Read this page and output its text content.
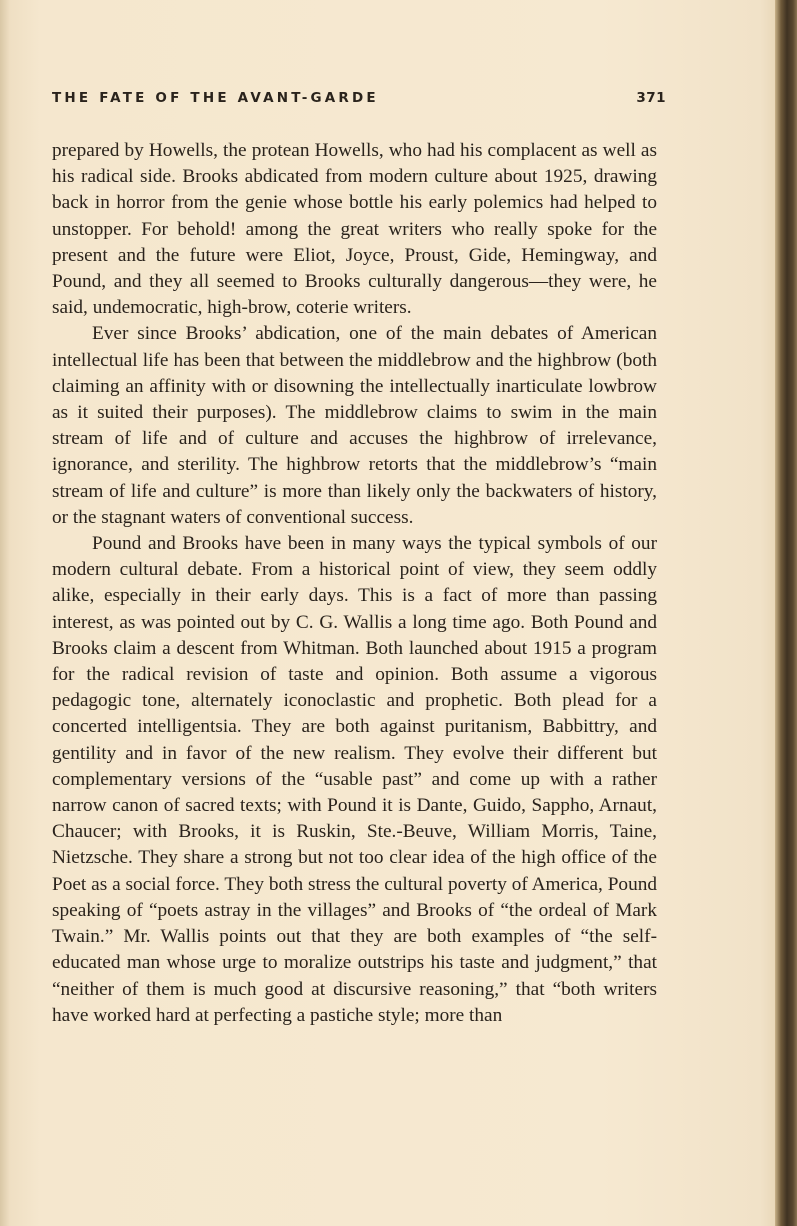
THE FATE OF THE AVANT-GARDE	371

prepared by Howells, the protean Howells, who had his complacent as well as his radical side. Brooks abdicated from modern culture about 1925, drawing back in horror from the genie whose bottle his early polemics had helped to unstopper. For behold! among the great writers who really spoke for the present and the future were Eliot, Joyce, Proust, Gide, Hemingway, and Pound, and they all seemed to Brooks culturally dangerous—they were, he said, undemocratic, high-brow, coterie writers.

Ever since Brooks’ abdication, one of the main debates of American intellectual life has been that between the middlebrow and the highbrow (both claiming an affinity with or disowning the intellectually inarticulate lowbrow as it suited their purposes). The middlebrow claims to swim in the main stream of life and of culture and accuses the highbrow of irrelevance, ignorance, and sterility. The highbrow retorts that the middlebrow’s “main stream of life and culture” is more than likely only the backwaters of history, or the stagnant waters of conventional success.

Pound and Brooks have been in many ways the typical symbols of our modern cultural debate. From a historical point of view, they seem oddly alike, especially in their early days. This is a fact of more than passing interest, as was pointed out by C. G. Wallis a long time ago. Both Pound and Brooks claim a descent from Whitman. Both launched about 1915 a program for the radical revision of taste and opinion. Both assume a vigorous pedagogic tone, alternately iconoclastic and prophetic. Both plead for a concerted intelligentsia. They are both against puritanism, Babbittry, and gentility and in favor of the new realism. They evolve their different but complementary versions of the “usable past” and come up with a rather narrow canon of sacred texts; with Pound it is Dante, Guido, Sappho, Arnaut, Chaucer; with Brooks, it is Ruskin, Ste.-Beuve, William Morris, Taine, Nietzsche. They share a strong but not too clear idea of the high office of the Poet as a social force. They both stress the cultural poverty of America, Pound speaking of “poets astray in the villages” and Brooks of “the ordeal of Mark Twain.” Mr. Wallis points out that they are both examples of “the self-educated man whose urge to moralize outstrips his taste and judgment,” that “neither of them is much good at discursive reasoning,” that “both writers have worked hard at perfecting a pastiche style; more than
